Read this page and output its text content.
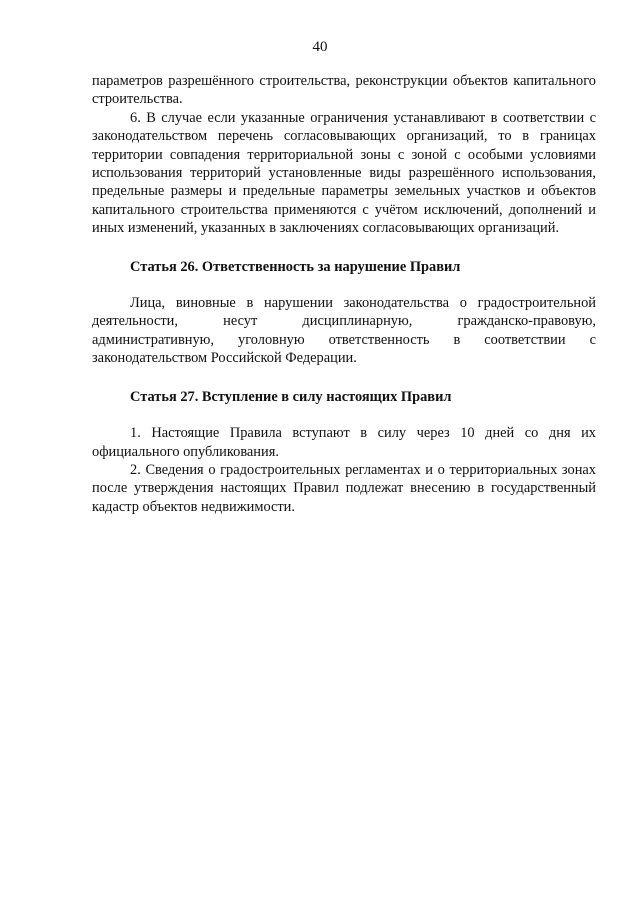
40

параметров разрешённого строительства, реконструкции объектов капитального строительства.

6. В случае если указанные ограничения устанавливают в соответствии с законодательством перечень согласовывающих организаций, то в границах территории совпадения территориальной зоны с зоной с особыми условиями использования территорий установленные виды разрешённого использования, предельные размеры и предельные параметры земельных участков и объектов капитального строительства применяются с учётом исключений, дополнений и иных изменений, указанных в заключениях согласовывающих организаций.

Статья 26. Ответственность за нарушение Правил

Лица, виновные в нарушении законодательства о градостроительной деятельности, несут дисциплинарную, гражданско-правовую, административную, уголовную ответственность в соответствии с законодательством Российской Федерации.

Статья 27. Вступление в силу настоящих Правил

1. Настоящие Правила вступают в силу через 10 дней со дня их официального опубликования.

2. Сведения о градостроительных регламентах и о территориальных зонах после утверждения настоящих Правил подлежат внесению в государственный кадастр объектов недвижимости.
